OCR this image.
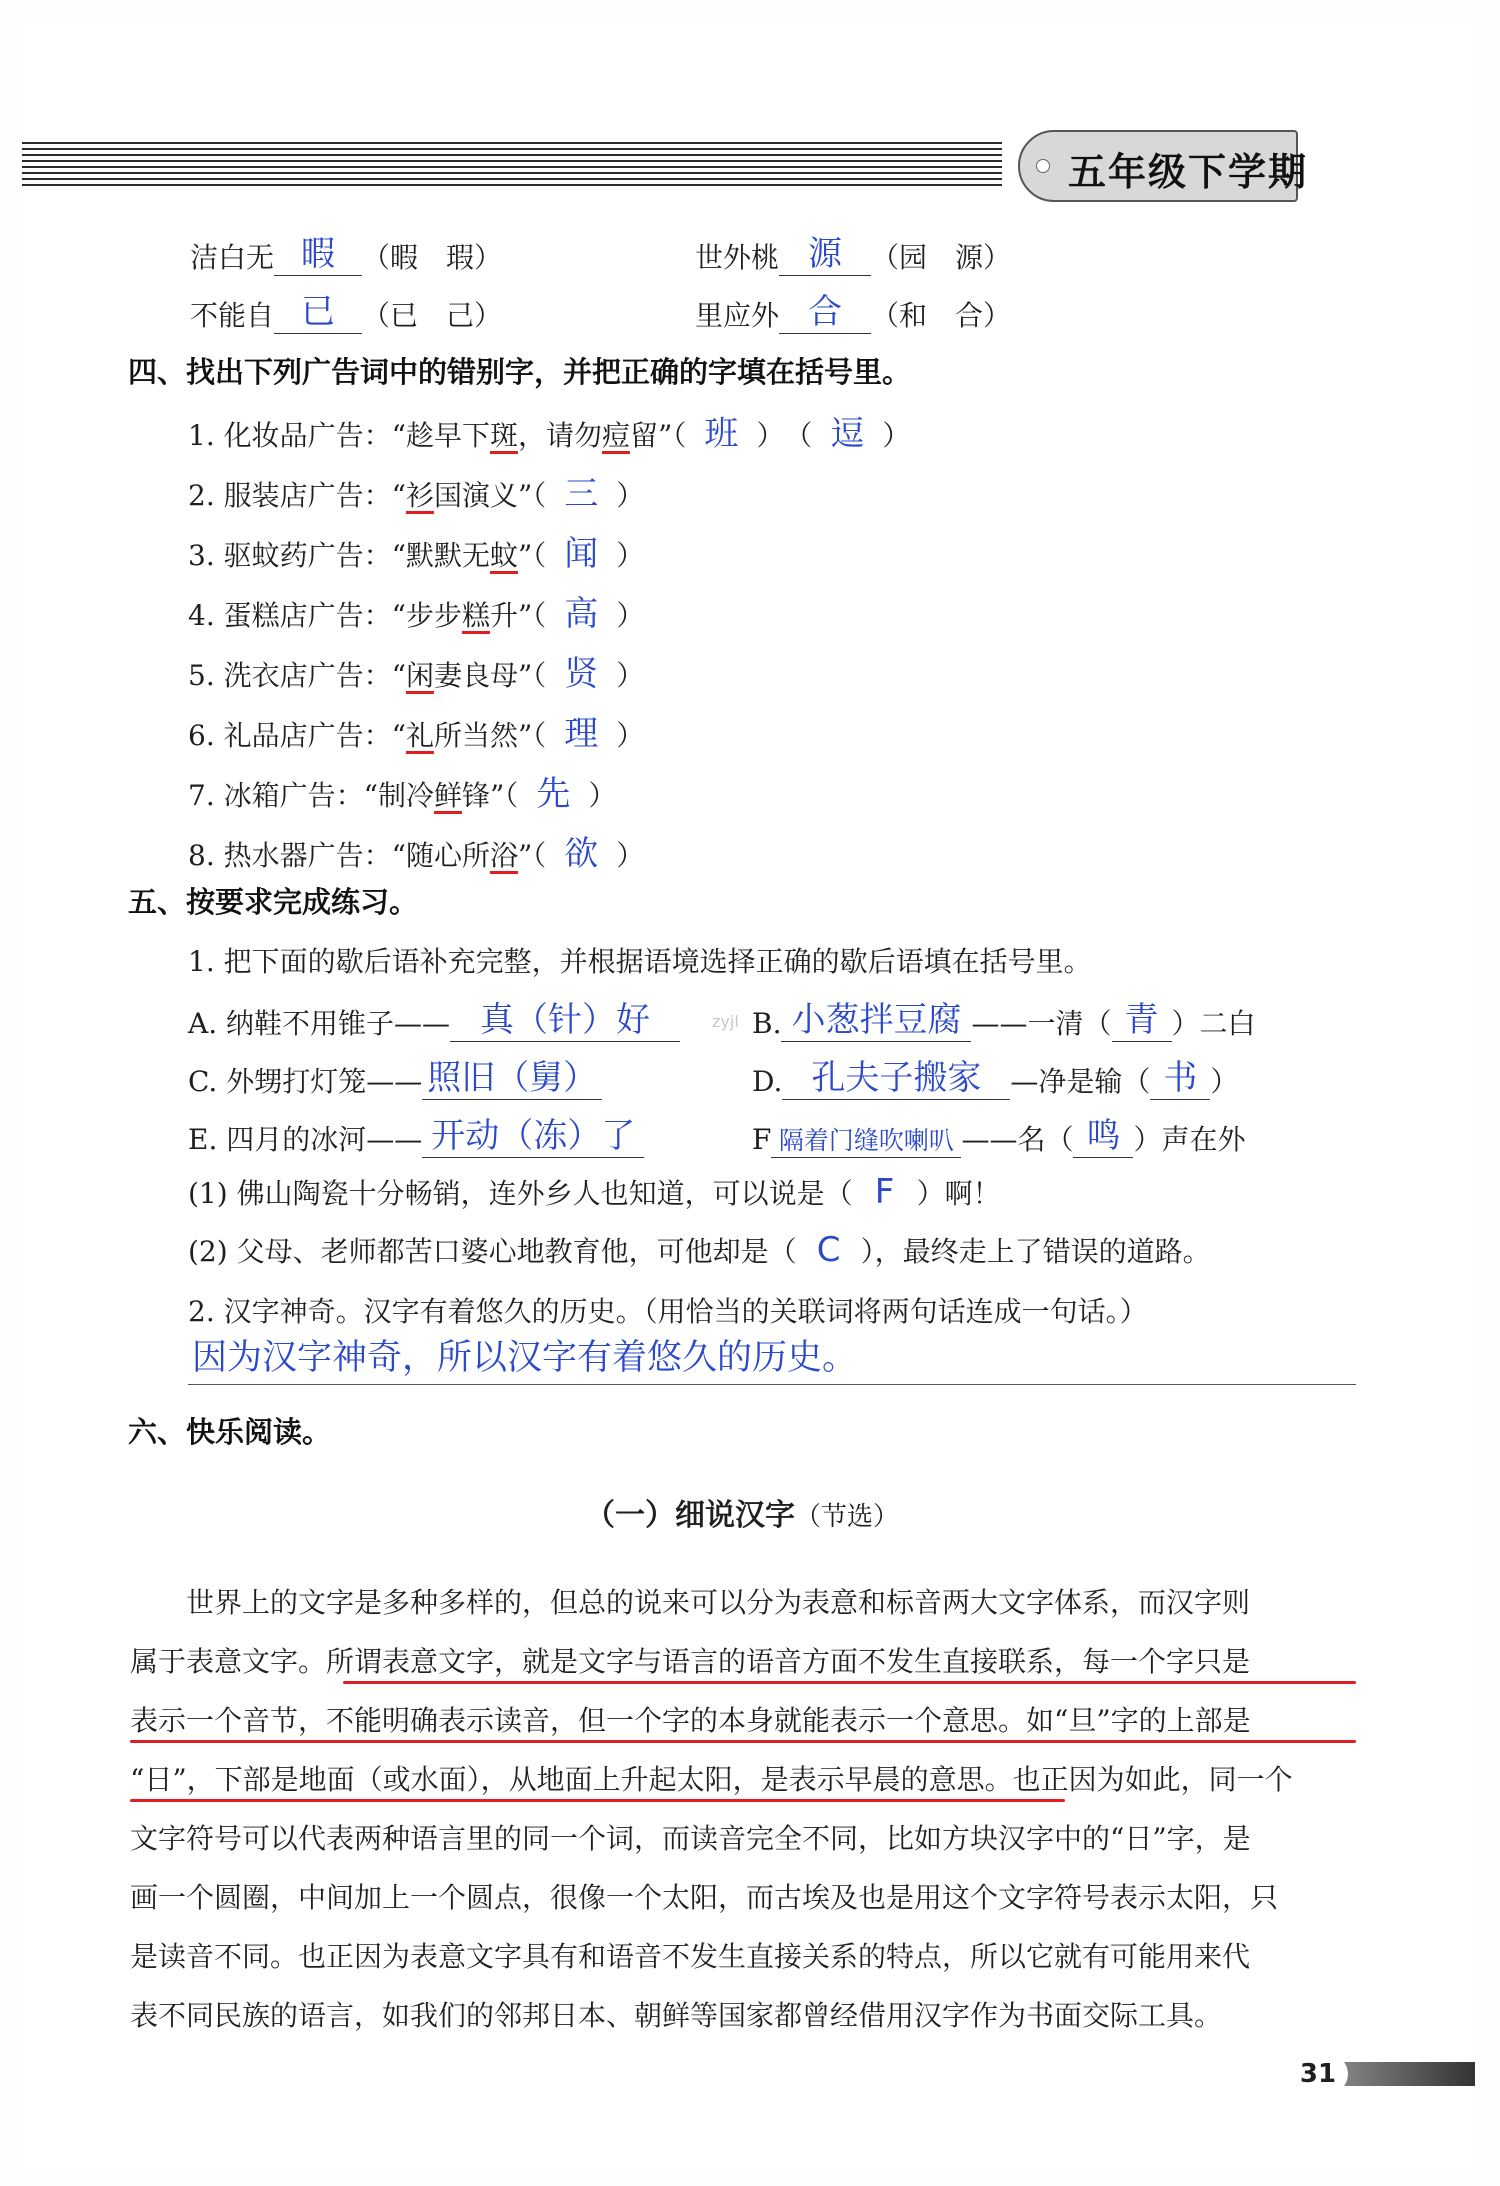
五年级下学期
洁白无 暇 （暇　瑕）	世外桃 源 （园　源）
不能自 已 （已　己）	里应外 合 （和　合）
四、找出下列广告词中的错别字，并把正确的字填在括号里。
1. 化妆品广告：“趁早下斑，请勿痘留”（ 班 ）　（ 逗 ）
2. 服装店广告：“衫国演义”（ 三 ）
3. 驱蚊药广告：“默默无蚊”（ 闻 ）
4. 蛋糕店广告：“步步糕升”（ 高 ）
5. 洗衣店广告：“闲妻良母”（ 贤 ）
6. 礼品店广告：“礼所当然”（ 理 ）
7. 冰箱广告：“制冷鲜锋”（ 先 ）
8. 热水器广告：“随心所浴”（ 欲 ）
五、按要求完成练习。
1. 把下面的歇后语补充完整，并根据语境选择正确的歇后语填在括号里。
A. 纳鞋不用锥子—— 真（针）好	B. 小葱拌豆腐 ——一清（ 青 ）二白
C. 外甥打灯笼—— 照旧（舅）	D. 孔夫子搬家 —净是输（ 书 ）
E. 四月的冰河—— 开动（冻）了	F 隔着门缝吹喇叭 ——名（ 鸣 ）声在外
(1) 佛山陶瓷十分畅销，连外乡人也知道，可以说是（ F ）啊！
(2) 父母、老师都苦口婆心地教育他，可他却是（ C ），最终走上了错误的道路。
2. 汉字神奇。汉字有着悠久的历史。（用恰当的关联词将两句话连成一句话。）
因为汉字神奇，所以汉字有着悠久的历史。
六、快乐阅读。
（一）细说汉字（节选）
世界上的文字是多种多样的，但总的说来可以分为表意和标音两大文字体系，而汉字则
属于表意文字。所谓表意文字，就是文字与语言的语音方面不发生直接联系，每一个字只是
表示一个音节，不能明确表示读音，但一个字的本身就能表示一个意思。如“旦”字的上部是
“日”，下部是地面（或水面），从地面上升起太阳，是表示早晨的意思。也正因为如此，同一个
文字符号可以代表两种语言里的同一个词，而读音完全不同，比如方块汉字中的“日”字，是
画一个圆圈，中间加上一个圆点，很像一个太阳，而古埃及也是用这个文字符号表示太阳，只
是读音不同。也正因为表意文字具有和语音不发生直接关系的特点，所以它就有可能用来代
表不同民族的语言，如我们的邻邦日本、朝鲜等国家都曾经借用汉字作为书面交际工具。
zyjl
31
